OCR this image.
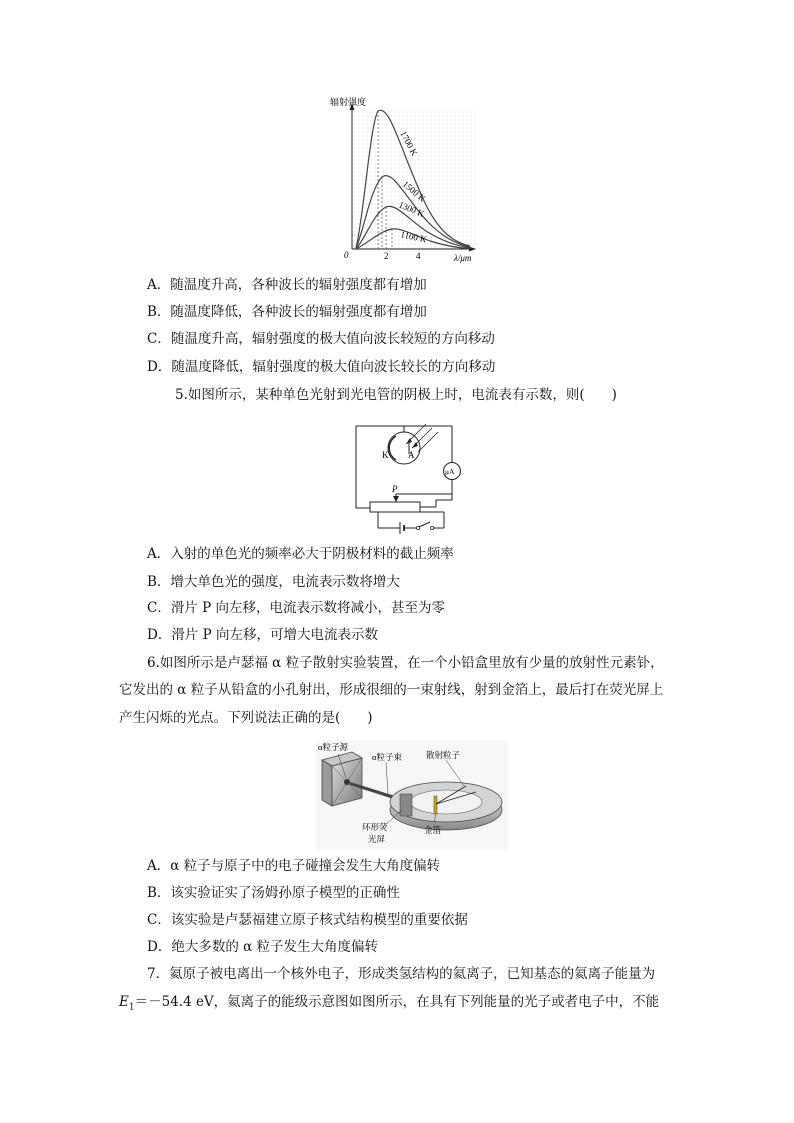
辐射强度
λ/μm
0	2	4
1700 K
1500 K
1300 K
1100 K
A．随温度升高，各种波长的辐射强度都有增加
B．随温度降低，各种波长的辐射强度都有增加
C．随温度升高，辐射强度的极大值向波长较短的方向移动
D．随温度降低，辐射强度的极大值向波长较长的方向移动
5.如图所示，某种单色光射到光电管的阴极上时，电流表有示数，则(　　)
K A
μA
P
A．入射的单色光的频率必大于阴极材料的截止频率
B．增大单色光的强度，电流表示数将增大
C．滑片 P 向左移，电流表示数将减小，甚至为零
D．滑片 P 向左移，可增大电流表示数
6.如图所示是卢瑟福 α 粒子散射实验装置，在一个小铅盒里放有少量的放射性元素钋，
它发出的 α 粒子从铅盒的小孔射出，形成很细的一束射线，射到金箔上，最后打在荧光屏上
产生闪烁的光点。下列说法正确的是(　　)
α粒子源
α粒子束	散射粒子
环形荧
光屏
金箔
A．α 粒子与原子中的电子碰撞会发生大角度偏转
B．该实验证实了汤姆孙原子模型的正确性
C．该实验是卢瑟福建立原子核式结构模型的重要依据
D．绝大多数的 α 粒子发生大角度偏转
7．氦原子被电离出一个核外电子，形成类氢结构的氦离子，已知基态的氦离子能量为
$E_1=-54.4$ eV，氦离子的能级示意图如图所示，在具有下列能量的光子或者电子中，不能
